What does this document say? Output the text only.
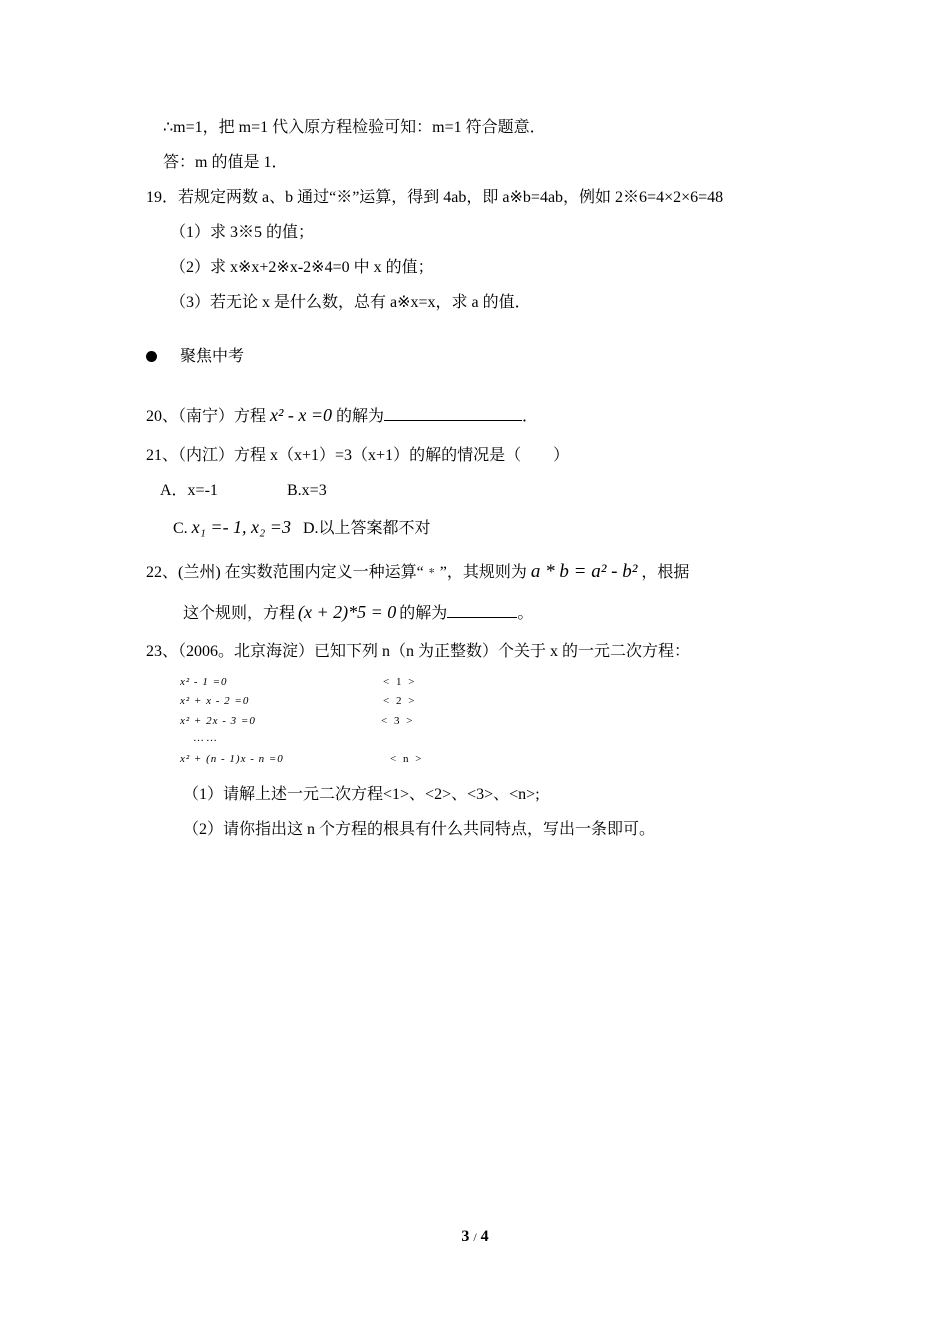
∴m=1，把 m=1 代入原方程检验可知：m=1 符合题意．
答：m 的值是 1．
19．若规定两数 a、b 通过“※”运算，得到 4ab，即 a※b=4ab，例如 2※6=4×2×6=48
（1）求 3※5 的值；
（2）求 x※x+2※x-2※4=0 中 x 的值；
（3）若无论 x 是什么数，总有 a※x=x，求 a 的值．
聚焦中考
20、（南宁）方程 x² - x =0 的解为	．
21、（内江）方程 x（x+1）=3（x+1）的解的情况是（　　）
A．x=-1	B.x=3
C. x₁ =- 1, x₂ =3 D.以上答案都不对
22、(兰州) 在实数范围内定义一种运算“﹡”，其规则为 a * b = a² - b² ，根据
这个规则，方程 (x + 2)*5 = 0 的解为	。
23、（2006。北京海淀）已知下列 n（n 为正整数）个关于 x 的一元二次方程：
x² - 1 =0	< 1 >
x² + x - 2 =0	< 2 >
x² + 2x - 3 =0	< 3 >
……
x² + (n - 1)x - n =0	< n >
（1）请解上述一元二次方程<1>、<2>、<3>、<n>;
（2）请你指出这 n 个方程的根具有什么共同特点，写出一条即可。
3 / 4
